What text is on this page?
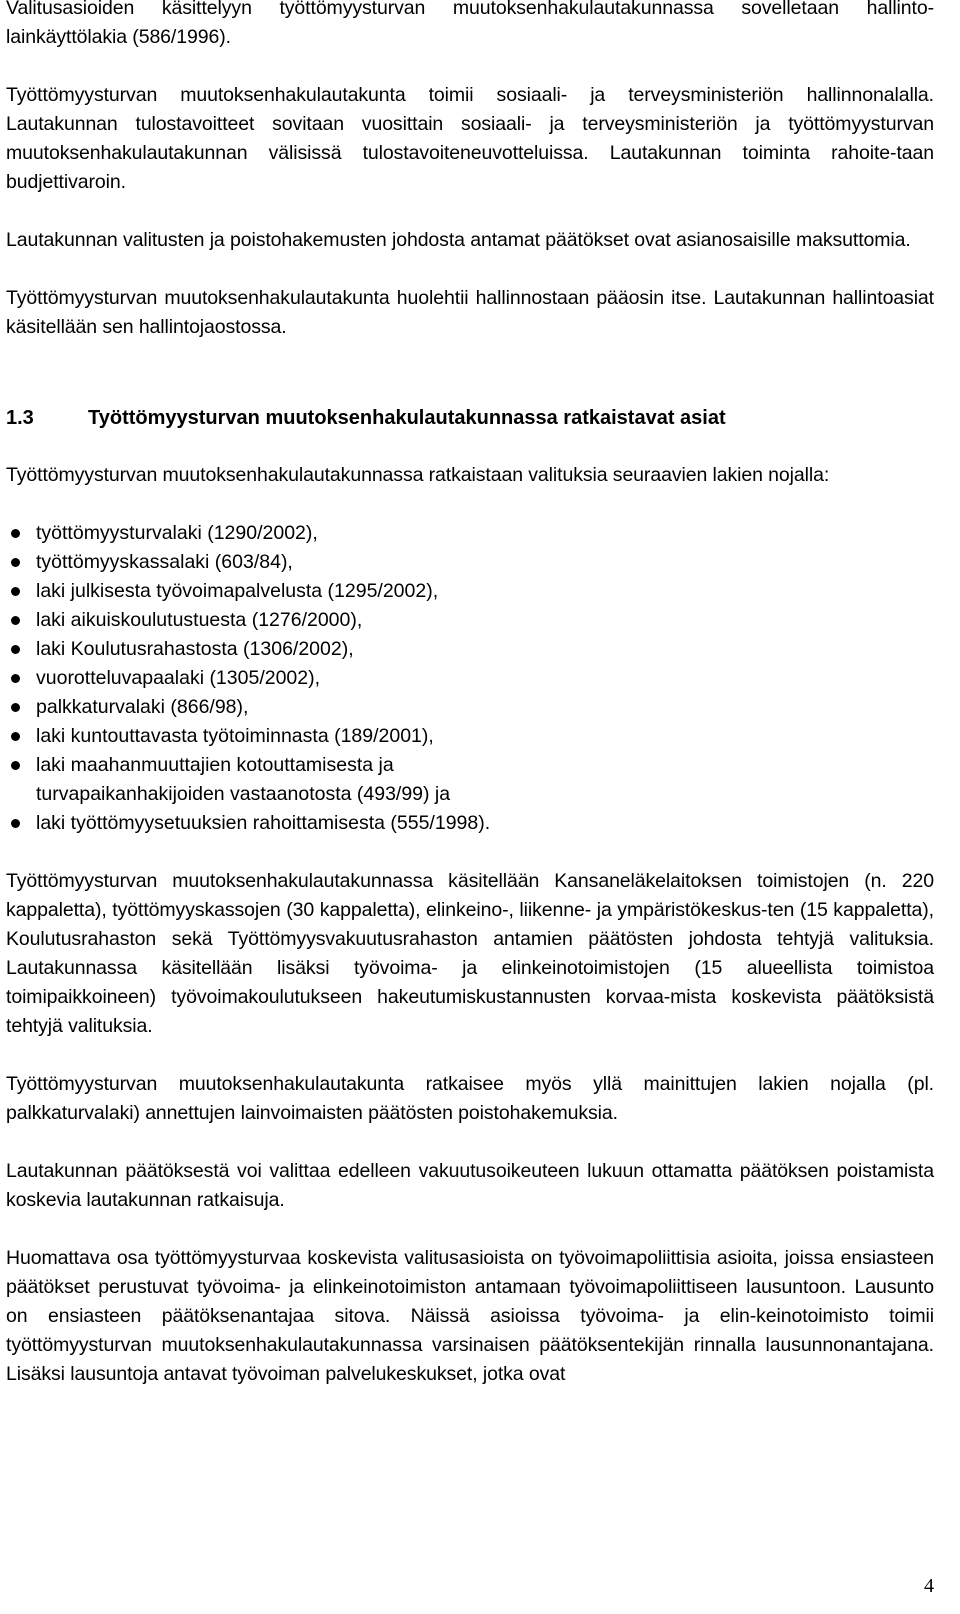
Valitusasioiden käsittelyyn työttömyysturvan muutoksenhakulautakunnassa sovelletaan hallinto-lainkäyttölakia (586/1996).

Työttömyysturvan muutoksenhakulautakunta toimii sosiaali- ja terveysministeriön hallinnonalalla. Lautakunnan tulostavoitteet sovitaan vuosittain sosiaali- ja terveysministeriön ja työttömyysturvan muutoksenhakulautakunnan välisissä tulostavoiteneuvotteluissa. Lautakunnan toiminta rahoite-taan budjettivaroin.

Lautakunnan valitusten ja poistohakemusten johdosta antamat päätökset ovat asianosaisille maksuttomia.

Työttömyysturvan muutoksenhakulautakunta huolehtii hallinnostaan pääosin itse. Lautakunnan hallintoasiat käsitellään sen hallintojaostossa.

1.3	Työttömyysturvan muutoksenhakulautakunnassa ratkaistavat asiat

Työttömyysturvan muutoksenhakulautakunnassa ratkaistaan valituksia seuraavien lakien nojalla:

työttömyysturvalaki (1290/2002),
työttömyyskassalaki (603/84),
laki julkisesta työvoimapalvelusta (1295/2002),
laki aikuiskoulutustuesta (1276/2000),
laki Koulutusrahastosta (1306/2002),
vuorotteluvapaalaki (1305/2002),
palkkaturvalaki (866/98),
laki kuntouttavasta työtoiminnasta (189/2001),
laki maahanmuuttajien kotouttamisesta ja turvapaikanhakijoiden vastaanotosta (493/99) ja
laki työttömyysetuuksien rahoittamisesta (555/1998).

Työttömyysturvan muutoksenhakulautakunnassa käsitellään Kansaneläkelaitoksen toimistojen (n. 220 kappaletta), työttömyyskassojen (30 kappaletta), elinkeino-, liikenne- ja ympäristökeskus-ten (15 kappaletta), Koulutusrahaston sekä Työttömyysvakuutusrahaston antamien päätösten johdosta tehtyjä valituksia. Lautakunnassa käsitellään lisäksi työvoima- ja elinkeinotoimistojen (15 alueellista toimistoa toimipaikkoineen) työvoimakoulutukseen hakeutumiskustannusten korvaa-mista koskevista päätöksistä tehtyjä valituksia.

Työttömyysturvan muutoksenhakulautakunta ratkaisee myös yllä mainittujen lakien nojalla (pl. palkkaturvalaki) annettujen lainvoimaisten päätösten poistohakemuksia.

Lautakunnan päätöksestä voi valittaa edelleen vakuutusoikeuteen lukuun ottamatta päätöksen poistamista koskevia lautakunnan ratkaisuja.

Huomattava osa työttömyysturvaa koskevista valitusasioista on työvoimapoliittisia asioita, joissa ensiasteen päätökset perustuvat työvoima- ja elinkeinotoimiston antamaan työvoimapoliittiseen lausuntoon. Lausunto on ensiasteen päätöksenantajaa sitova. Näissä asioissa työvoima- ja elin-keinotoimisto toimii työttömyysturvan muutoksenhakulautakunnassa varsinaisen päätöksentekijän rinnalla lausunnonantajana. Lisäksi lausuntoja antavat työvoiman palvelukeskukset, jotka ovat

4
